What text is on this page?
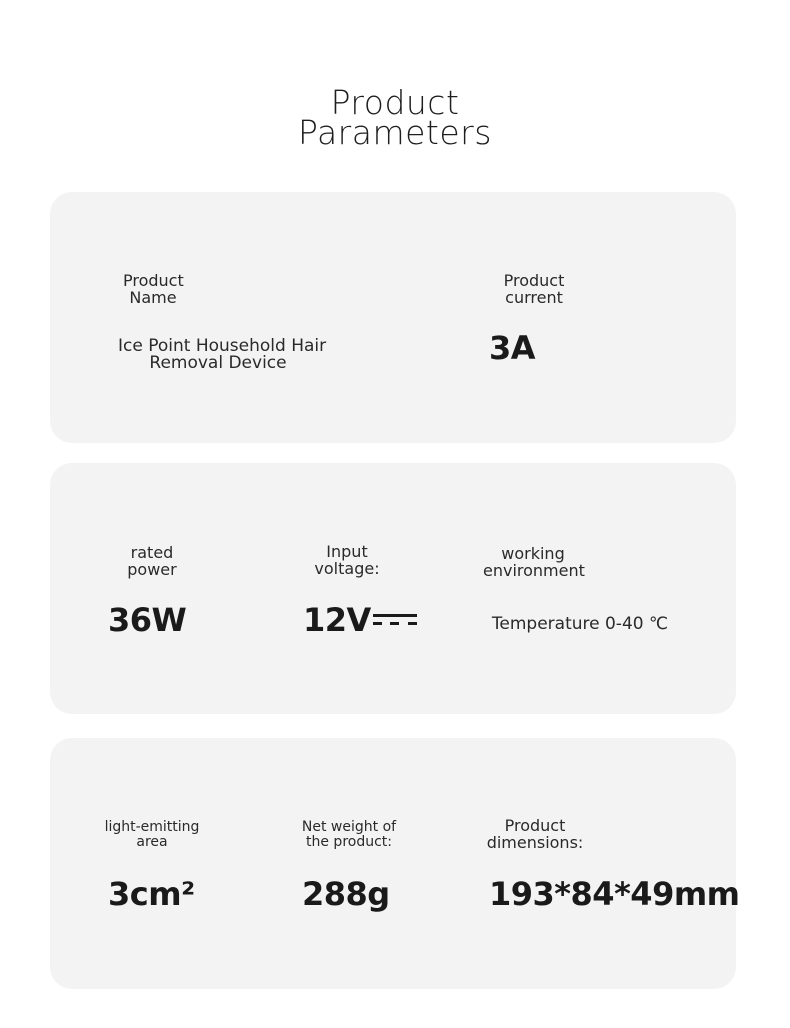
Product
Parameters
Product
Name
Ice Point Household Hair
Removal Device
Product
current
3A
rated
power
36W
Input
voltage:
12V
working
environment
Temperature 0-40 ℃
light-emitting
area
3cm²
Net weight of
the product:
288g
Product
dimensions:
193*84*49mm
